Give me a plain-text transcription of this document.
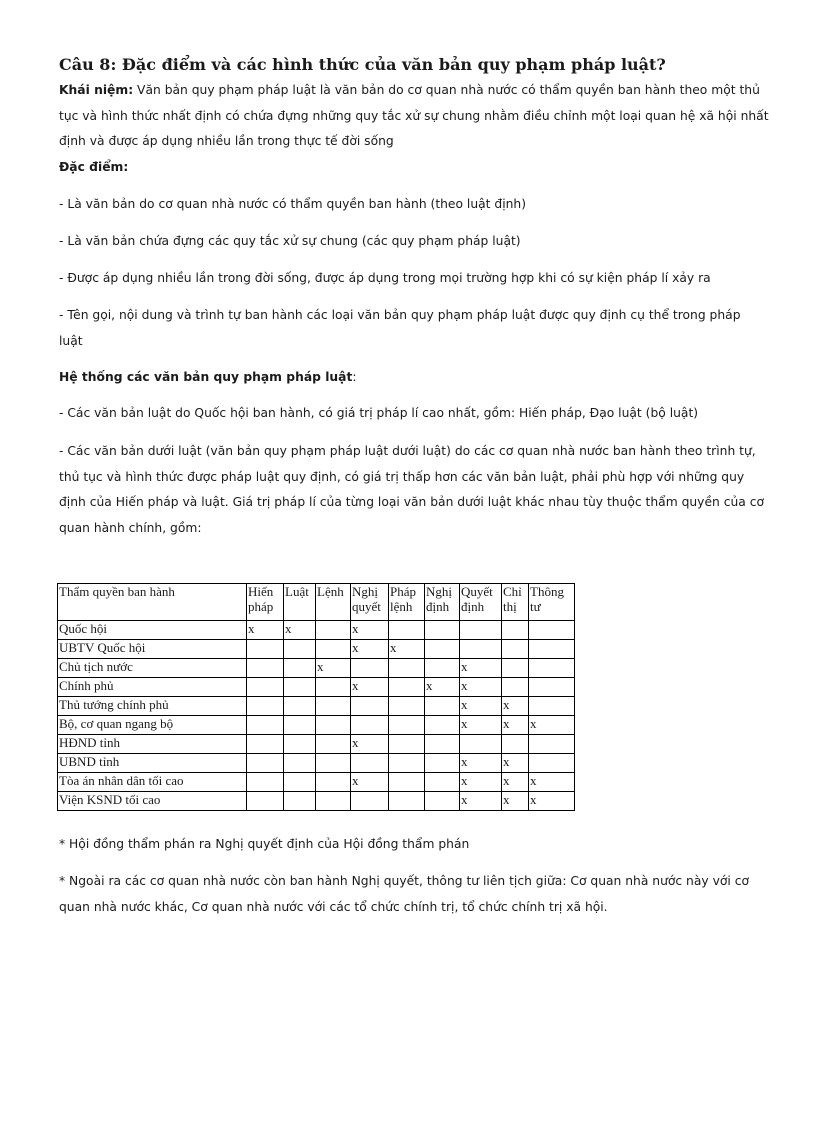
Câu 8: Đặc điểm và các hình thức của văn bản quy phạm pháp luật?

Khái niệm: Văn bản quy phạm pháp luật là văn bản do cơ quan nhà nước có thẩm quyền ban hành theo một thủ
tục và hình thức nhất định có chứa đựng những quy tắc xử sự chung nhằm điều chỉnh một loại quan hệ xã hội nhất
định và được áp dụng nhiều lần trong thực tế đời sống

Đặc điểm:

- Là văn bản do cơ quan nhà nước có thẩm quyền ban hành (theo luật định)

- Là văn bản chứa đựng các quy tắc xử sự chung (các quy phạm pháp luật)

- Được áp dụng nhiều lần trong đời sống, được áp dụng trong mọi trường hợp khi có sự kiện pháp lí xảy ra

- Tên gọi, nội dung và trình tự ban hành các loại văn bản quy phạm pháp luật được quy định cụ thể trong pháp
luật

Hệ thống các văn bản quy phạm pháp luật:

- Các văn bản luật do Quốc hội ban hành, có giá trị pháp lí cao nhất, gồm: Hiến pháp, Đạo luật (bộ luật)

- Các văn bản dưới luật (văn bản quy phạm pháp luật dưới luật) do các cơ quan nhà nước ban hành theo trình tự,
thủ tục và hình thức được pháp luật quy định, có giá trị thấp hơn các văn bản luật, phải phù hợp với những quy
định của Hiến pháp và luật. Giá trị pháp lí của từng loại văn bản dưới luật khác nhau tùy thuộc thẩm quyền của cơ
quan hành chính, gồm:

Thẩm quyền ban hành	Hiến pháp	Luật	Lệnh	Nghị quyết	Pháp lệnh	Nghị định	Quyết định	Chỉ thị	Thông tư
Quốc hội	x	x		x					
UBTV Quốc hội				x	x				
Chủ tịch nước			x				x		
Chính phủ				x		x	x		
Thủ tướng chính phủ							x	x	
Bộ, cơ quan ngang bộ							x	x	x
HĐND tỉnh				x					
UBND tỉnh							x	x	
Tòa án nhân dân tối cao				x			x	x	x
Viện KSND tối cao							x	x	x

* Hội đồng thẩm phán ra Nghị quyết định của Hội đồng thẩm phán

* Ngoài ra các cơ quan nhà nước còn ban hành Nghị quyết, thông tư liên tịch giữa: Cơ quan nhà nước này với cơ
quan nhà nước khác, Cơ quan nhà nước với các tổ chức chính trị, tổ chức chính trị xã hội.
